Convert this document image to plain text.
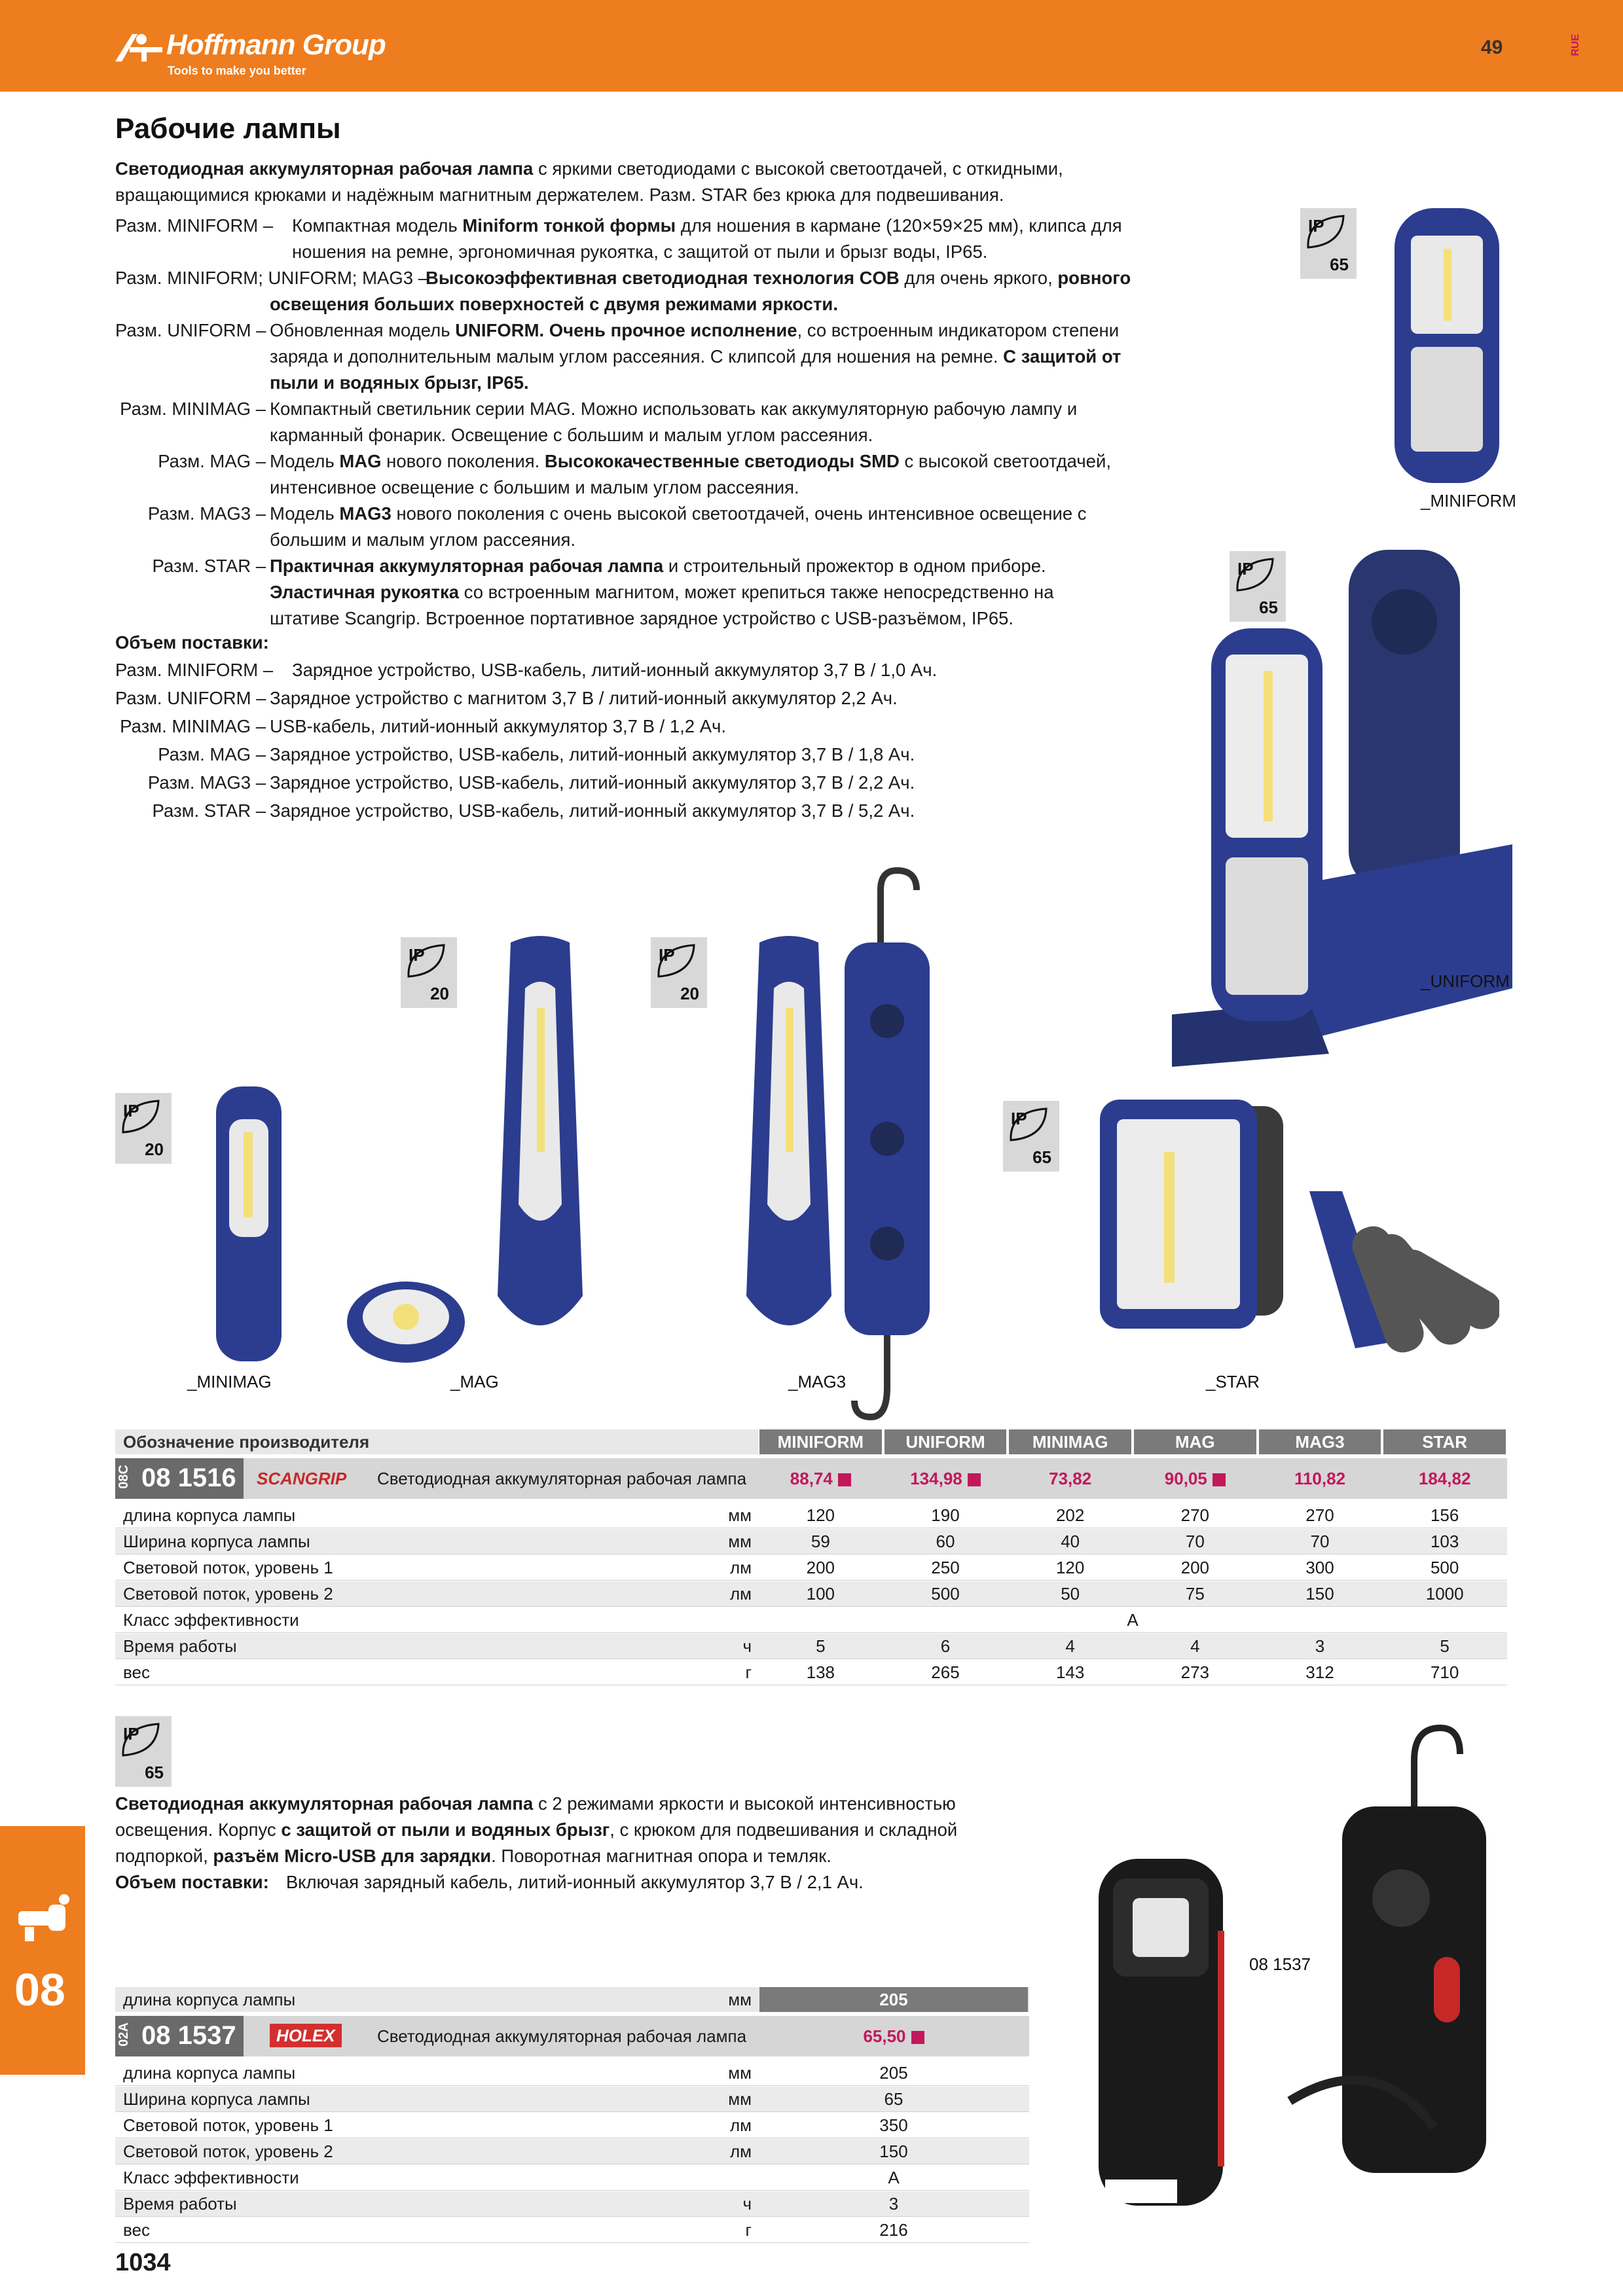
Hoffmann Group
Tools to make you better
49	RUE
Рабочие лампы
Светодиодная аккумуляторная рабочая лампа с яркими светодиодами с высокой светоотдачей, с откидными,
вращающимися крюками и надёжным магнитным держателем. Разм. STAR без крюка для подвешивания.
Разм. MINIFORM – Компактная модель Miniform тонкой формы для ношения в кармане (120×59×25 мм), клипса для
ношения на ремне, эргономичная рукоятка, с защитой от пыли и брызг воды, IP65.
Разм. MINIFORM; UNIFORM; MAG3 –
Высокоэффективная светодиодная технология COB для очень яркого, ровного
освещения больших поверхностей с двумя режимами яркости.
Разм. UNIFORM – Обновленная модель UNIFORM. Очень прочное исполнение, со встроенным индикатором степени
заряда и дополнительным малым углом рассеяния. С клипсой для ношения на ремне. С защитой от
пыли и водяных брызг, IP65.
Разм. MINIMAG – Компактный светильник серии MAG. Можно использовать как аккумуляторную рабочую лампу и
карманный фонарик. Освещение с большим и малым углом рассеяния.
Разм. MAG – Модель MAG нового поколения. Высококачественные светодиоды SMD с высокой светоотдачей,
интенсивное освещение с большим и малым углом рассеяния.
Разм. MAG3 – Модель MAG3 нового поколения с очень высокой светоотдачей, очень интенсивное освещение с
большим и малым углом рассеяния.
Разм. STAR – Практичная аккумуляторная рабочая лампа и строительный прожектор в одном приборе.
Эластичная рукоятка со встроенным магнитом, может крепиться также непосредственно на
штативе Scangrip. Встроенное портативное зарядное устройство с USB-разъёмом, IP65.
Объем поставки:
Разм. MINIFORM – Зарядное устройство, USB-кабель, литий-ионный аккумулятор 3,7 В / 1,0 Ач.
Разм. UNIFORM – Зарядное устройство с магнитом 3,7 В / литий-ионный аккумулятор 2,2 Ач.
Разм. MINIMAG – USB-кабель, литий-ионный аккумулятор 3,7 В / 1,2 Ач.
Разм. MAG – Зарядное устройство, USB-кабель, литий-ионный аккумулятор 3,7 В / 1,8 Ач.
Разм. MAG3 – Зарядное устройство, USB-кабель, литий-ионный аккумулятор 3,7 В / 2,2 Ач.
Разм. STAR – Зарядное устройство, USB-кабель, литий-ионный аккумулятор 3,7 В / 5,2 Ач.
IP
65
IP
65
IP
20
IP
20
IP
20
IP
65
IP
65
_MINIFORM
_UNIFORM
_MINIMAG	_MAG	_MAG3	_STAR
08 1537
Обозначение производителя	MINIFORM	UNIFORM	MINIMAG	MAG	MAG3	STAR
08C 08 1516 SCANGRIP Светодиодная аккумуляторная рабочая лампа	88,74	134,98	73,82	90,05	110,82	184,82
длина корпуса лампы	мм	120	190	202	270	270	156
Ширина корпуса лампы	мм	59	60	40	70	70	103
Световой поток, уровень 1	лм	200	250	120	200	300	500
Световой поток, уровень 2	лм	100	500	50	75	150	1000
Класс эффективности	A
Время работы	ч	5	6	4	4	3	5
вес	г	138	265	143	273	312	710
Светодиодная аккумуляторная рабочая лампа с 2 режимами яркости и высокой интенсивностью
освещения. Корпус с защитой от пыли и водяных брызг, с крюком для подвешивания и складной
подпоркой, разъём Micro-USB для зарядки. Поворотная магнитная опора и темляк.
Объем поставки: Включая зарядный кабель, литий-ионный аккумулятор 3,7 В / 2,1 Ач.
длина корпуса лампы	мм	205
02A 08 1537	HOLEX	Светодиодная аккумуляторная рабочая лампа	65,50
длина корпуса лампы	мм	205
Ширина корпуса лампы	мм	65
Световой поток, уровень 1	лм	350
Световой поток, уровень 2	лм	150
Класс эффективности	A
Время работы	ч	3
вес	г	216
08
1034
